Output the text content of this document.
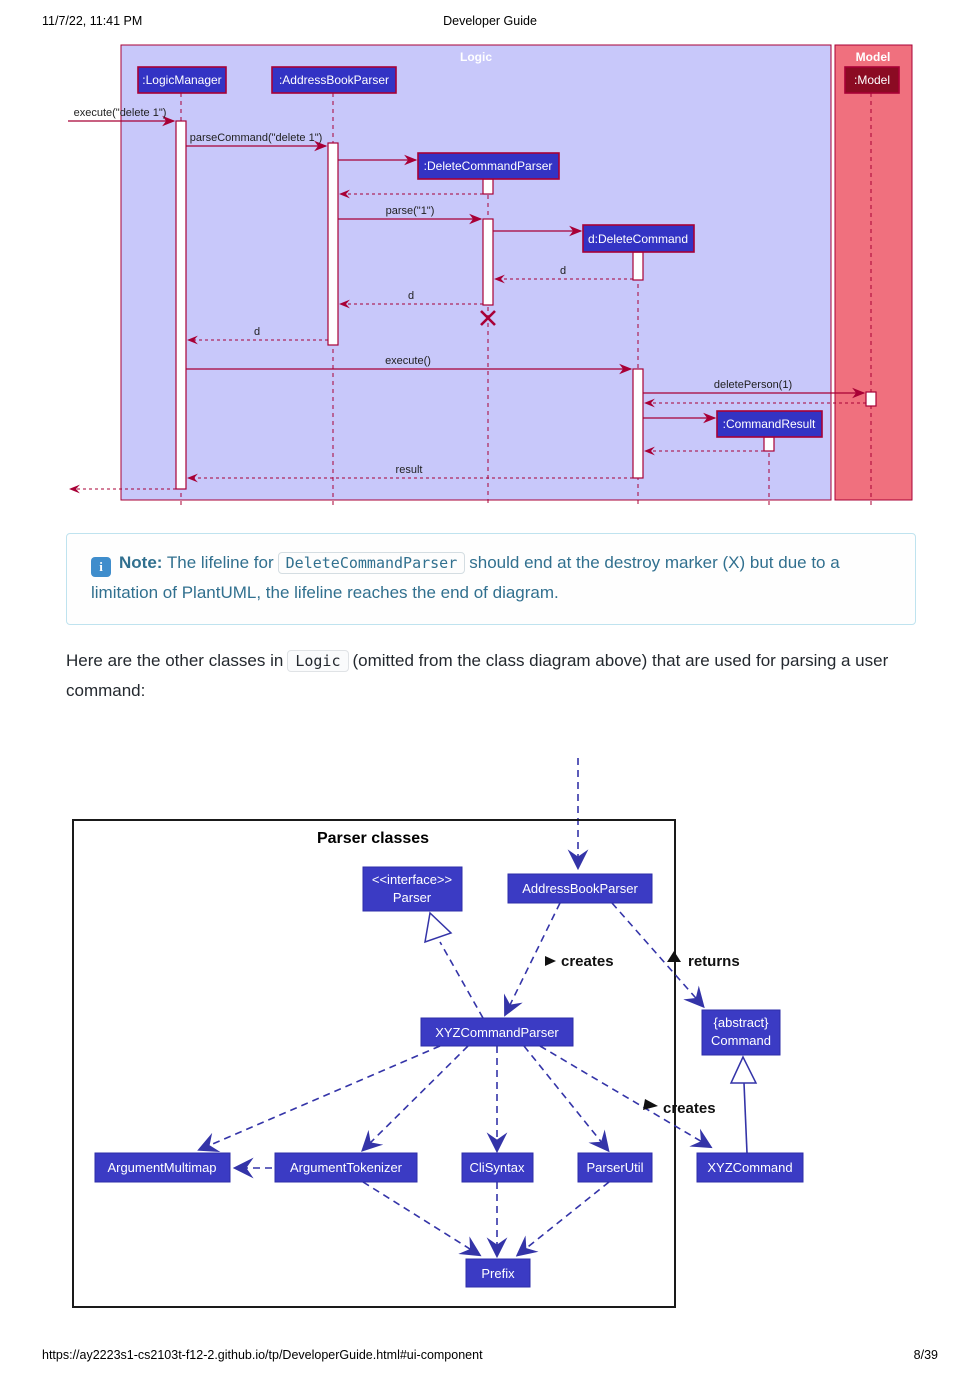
11/7/22, 11:41 PM	Developer Guide
Logic	Model
:LogicManager	:AddressBookParser	:Model
:DeleteCommandParser
d:DeleteCommand
:CommandResult
execute("delete 1")
parseCommand("delete 1")
parse("1")
d
d
d
execute()
deletePerson(1)
result
i Note: The lifeline for DeleteCommandParser should end at the destroy marker (X) but due to a limitation of PlantUML, the lifeline reaches the end of diagram.
Here are the other classes in Logic (omitted from the class diagram above) that are used for parsing a user command:
Parser classes
creates	returns
creates
<<interface>>
Parser
AddressBookParser
XYZCommandParser
{abstract}
Command
ArgumentMultimap	ArgumentTokenizer	CliSyntax	ParserUtil	XYZCommand
Prefix
https://ay2223s1-cs2103t-f12-2.github.io/tp/DeveloperGuide.html#ui-component	8/39
